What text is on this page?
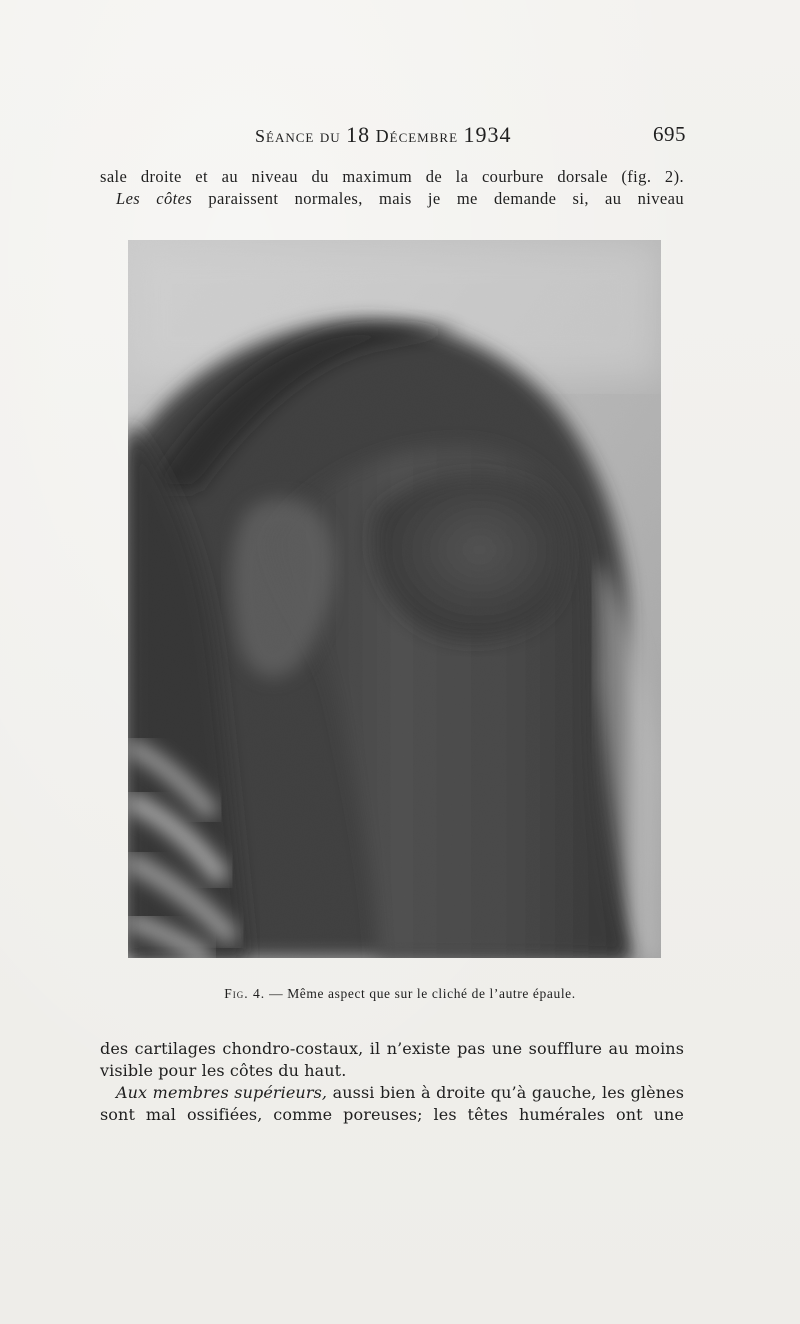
Séance du 18 Décembre 1934	695
sale droite et au niveau du maximum de la courbure dorsale (fig. 2).
Les côtes paraissent normales, mais je me demande si, au niveau
Fig. 4. — Même aspect que sur le cliché de l’autre épaule.
des cartilages chondro-costaux, il n’existe pas une soufflure au moins
visible pour les côtes du haut.
Aux membres supérieurs, aussi bien à droite qu’à gauche, les glènes
sont mal ossifiées, comme poreuses; les têtes humérales ont une
